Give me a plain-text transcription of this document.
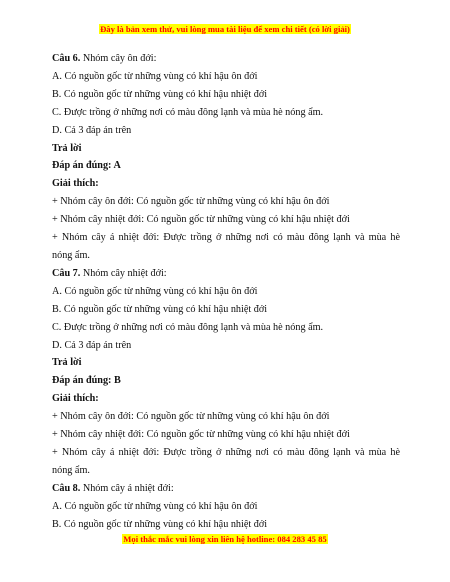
Đây là bản xem thử, vui lòng mua tài liệu để xem chi tiết (có lời giải)
Câu 6. Nhóm cây ôn đới:
A. Có nguồn gốc từ những vùng có khí hậu ôn đới
B. Có nguồn gốc từ những vùng có khí hậu nhiệt đới
C. Được trồng ở những nơi có màu đông lạnh và mùa hè nóng ẩm.
D. Cả 3 đáp án trên
Trả lời
Đáp án đúng: A
Giải thích:
+ Nhóm cây ôn đới: Có nguồn gốc từ những vùng có khí hậu ôn đới
+ Nhóm cây nhiệt đới: Có nguồn gốc từ những vùng có khí hậu nhiệt đới
+ Nhóm cây á nhiệt đới: Được trồng ở những nơi có màu đông lạnh và mùa hè
nóng ẩm.
Câu 7. Nhóm cây nhiệt đới:
A. Có nguồn gốc từ những vùng có khí hậu ôn đới
B. Có nguồn gốc từ những vùng có khí hậu nhiệt đới
C. Được trồng ở những nơi có màu đông lạnh và mùa hè nóng ẩm.
D. Cả 3 đáp án trên
Trả lời
Đáp án đúng: B
Giải thích:
+ Nhóm cây ôn đới: Có nguồn gốc từ những vùng có khí hậu ôn đới
+ Nhóm cây nhiệt đới: Có nguồn gốc từ những vùng có khí hậu nhiệt đới
+ Nhóm cây á nhiệt đới: Được trồng ở những nơi có màu đông lạnh và mùa hè
nóng ẩm.
Câu 8. Nhóm cây á nhiệt đới:
A. Có nguồn gốc từ những vùng có khí hậu ôn đới
B. Có nguồn gốc từ những vùng có khí hậu nhiệt đới
Mọi thắc mắc vui lòng xin liên hệ hotline: 084 283 45 85
